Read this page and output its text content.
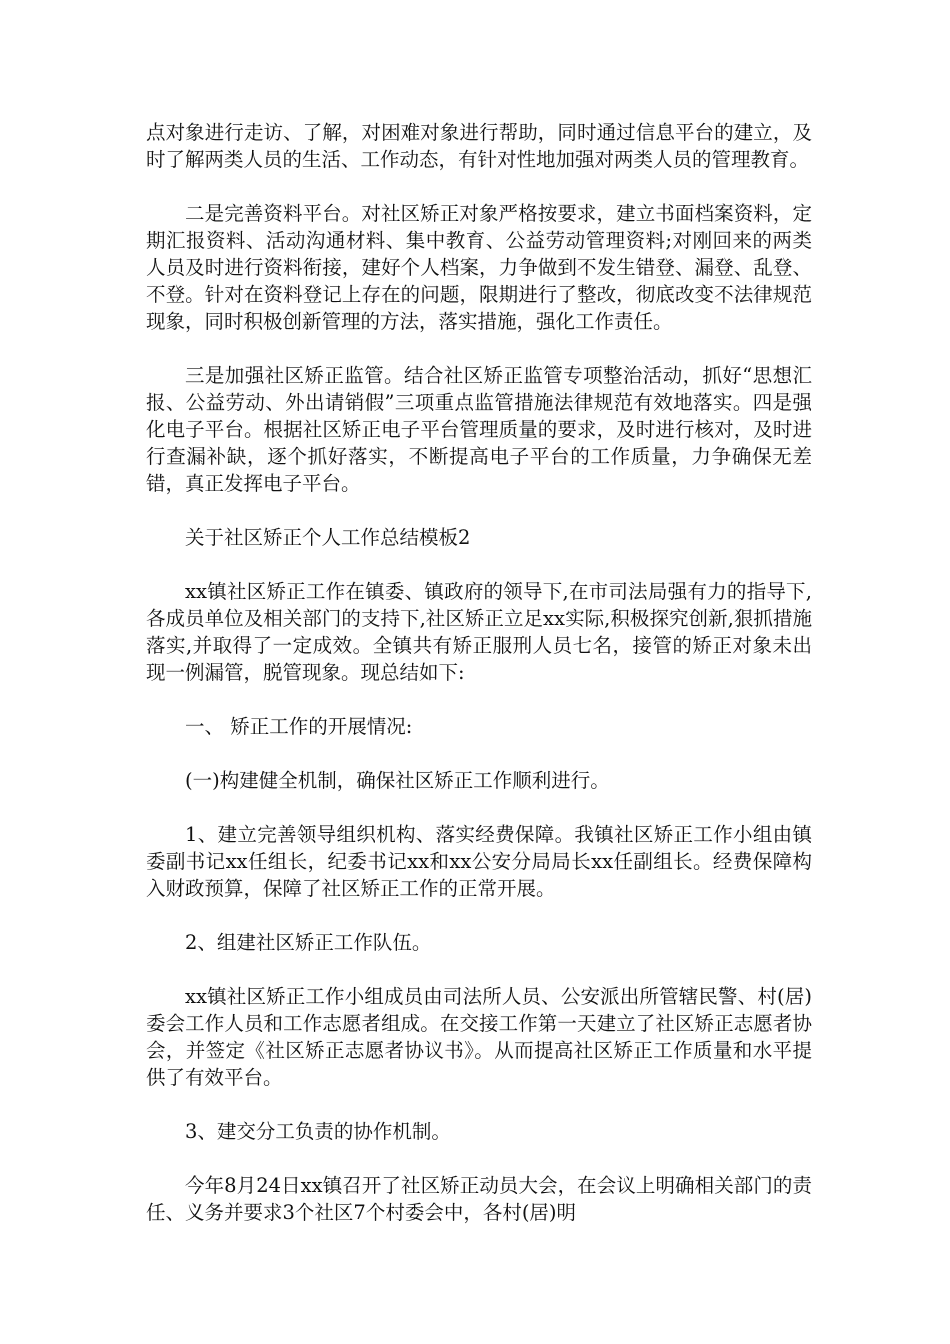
点对象进行走访、了解，对困难对象进行帮助，同时通过信息平台的建立，及时了解两类人员的生活、工作动态，有针对性地加强对两类人员的管理教育。

二是完善资料平台。对社区矫正对象严格按要求，建立书面档案资料，定期汇报资料、活动沟通材料、集中教育、公益劳动管理资料;对刚回来的两类人员及时进行资料衔接，建好个人档案，力争做到不发生错登、漏登、乱登、不登。针对在资料登记上存在的问题，限期进行了整改，彻底改变不法律规范现象，同时积极创新管理的方法，落实措施，强化工作责任。

三是加强社区矫正监管。结合社区矫正监管专项整治活动，抓好“思想汇报、公益劳动、外出请销假”三项重点监管措施法律规范有效地落实。四是强化电子平台。根据社区矫正电子平台管理质量的要求，及时进行核对，及时进行查漏补缺，逐个抓好落实，不断提高电子平台的工作质量，力争确保无差错，真正发挥电子平台。

关于社区矫正个人工作总结模板2

xx镇社区矫正工作在镇委、镇政府的领导下,在市司法局强有力的指导下,各成员单位及相关部门的支持下,社区矫正立足xx实际,积极探究创新,狠抓措施落实,并取得了一定成效。全镇共有矫正服刑人员七名，接管的矫正对象未出现一例漏管，脱管现象。现总结如下:

一、 矫正工作的开展情况:

(一)构建健全机制，确保社区矫正工作顺利进行。

1、建立完善领导组织机构、落实经费保障。我镇社区矫正工作小组由镇委副书记xx任组长，纪委书记xx和xx公安分局局长xx任副组长。经费保障构入财政预算，保障了社区矫正工作的正常开展。

2、组建社区矫正工作队伍。

xx镇社区矫正工作小组成员由司法所人员、公安派出所管辖民警、村(居)委会工作人员和工作志愿者组成。在交接工作第一天建立了社区矫正志愿者协会，并签定《社区矫正志愿者协议书》。从而提高社区矫正工作质量和水平提供了有效平台。

3、建交分工负责的协作机制。

今年8月24日xx镇召开了社区矫正动员大会，在会议上明确相关部门的责任、义务并要求3个社区7个村委会中，各村(居)明
